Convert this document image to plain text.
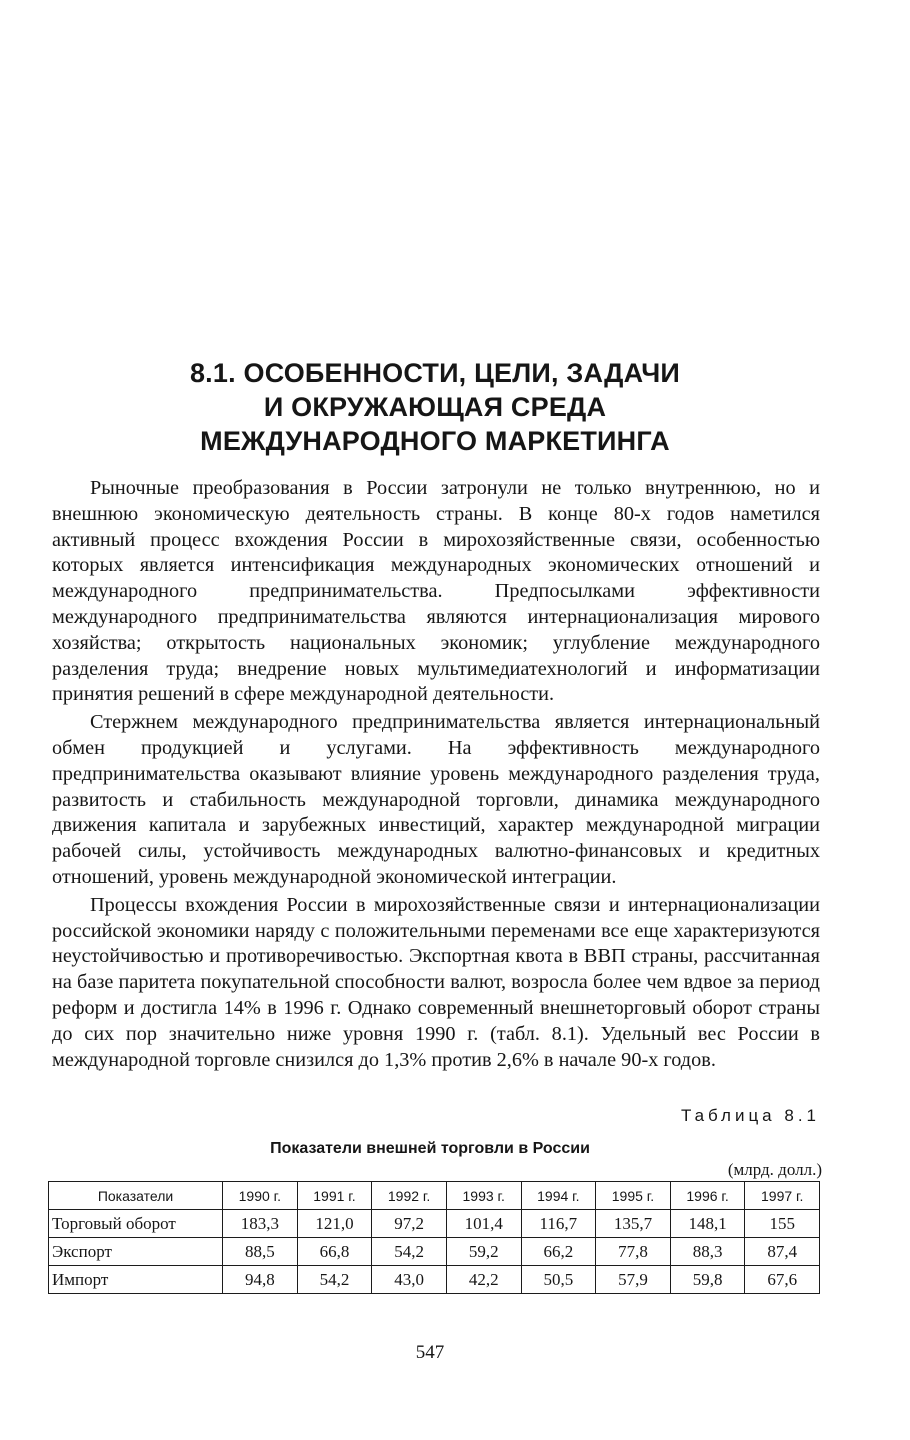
8.1. ОСОБЕННОСТИ, ЦЕЛИ, ЗАДАЧИ
И ОКРУЖАЮЩАЯ СРЕДА
МЕЖДУНАРОДНОГО МАРКЕТИНГА

Рыночные преобразования в России затронули не только внутреннюю, но и внешнюю экономическую деятельность страны. В конце 80-х годов наметился активный процесс вхождения России в мирохозяйственные связи, особенностью которых является интенсификация международных экономических отношений и международного предпринимательства. Предпосылками эффективности международного предпринимательства являются интернационализация мирового хозяйства; открытость национальных экономик; углубление международного разделения труда; внедрение новых мультимедиатехнологий и информатизации принятия решений в сфере международной деятельности.

Стержнем международного предпринимательства является интернациональный обмен продукцией и услугами. На эффективность международного предпринимательства оказывают влияние уровень международного разделения труда, развитость и стабильность международной торговли, динамика международного движения капитала и зарубежных инвестиций, характер международной миграции рабочей силы, устойчивость международных валютно-финансовых и кредитных отношений, уровень международной экономической интеграции.

Процессы вхождения России в мирохозяйственные связи и интернационализации российской экономики наряду с положительными переменами все еще характеризуются неустойчивостью и противоречивостью. Экспортная квота в ВВП страны, рассчитанная на базе паритета покупательной способности валют, возросла более чем вдвое за период реформ и достигла 14% в 1996 г. Однако современный внешнеторговый оборот страны до сих пор значительно ниже уровня 1990 г. (табл. 8.1). Удельный вес России в международной торговле снизился до 1,3% против 2,6% в начале 90-х годов.

Таблица 8.1
Показатели внешней торговли в России
(млрд. долл.)
Показатели	1990 г.	1991 г.	1992 г.	1993 г.	1994 г.	1995 г.	1996 г.	1997 г.
Торговый оборот	183,3	121,0	97,2	101,4	116,7	135,7	148,1	155
Экспорт	88,5	66,8	54,2	59,2	66,2	77,8	88,3	87,4
Импорт	94,8	54,2	43,0	42,2	50,5	57,9	59,8	67,6
547
